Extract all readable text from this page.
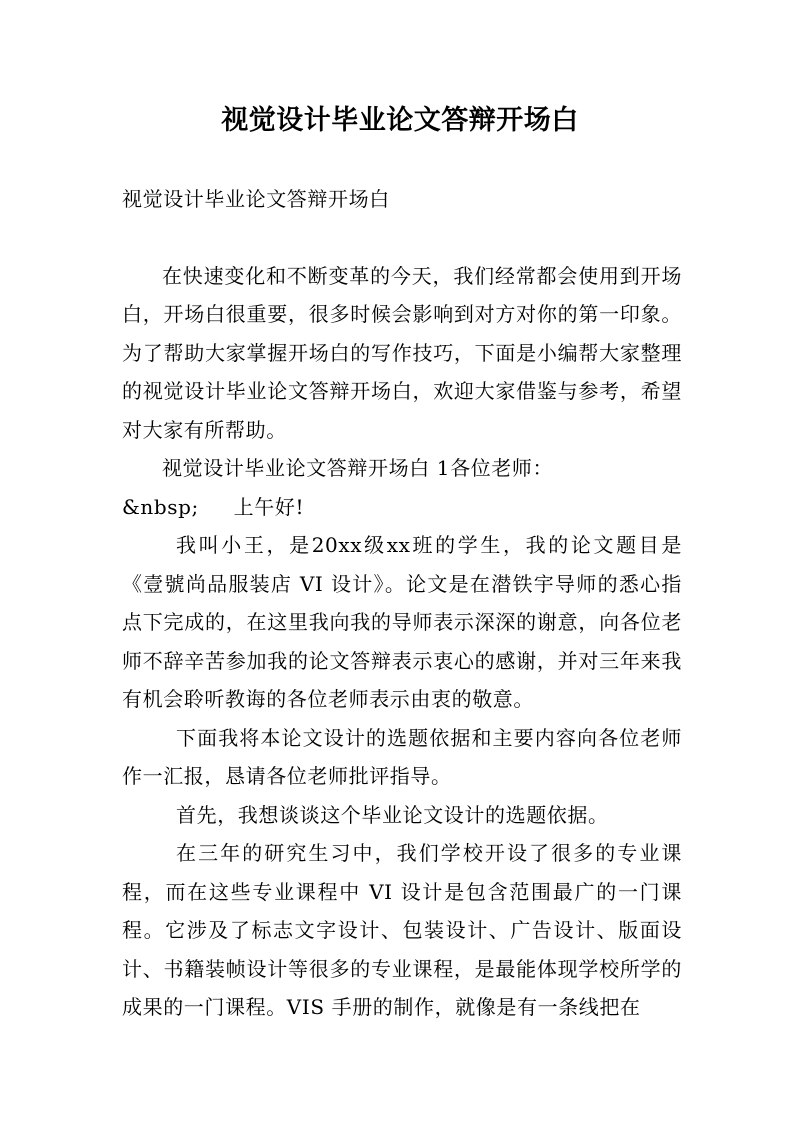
视觉设计毕业论文答辩开场白

视觉设计毕业论文答辩开场白

在快速变化和不断变革的今天，我们经常都会使用到开场白，开场白很重要，很多时候会影响到对方对你的第一印象。为了帮助大家掌握开场白的写作技巧，下面是小编帮大家整理的视觉设计毕业论文答辩开场白，欢迎大家借鉴与参考，希望对大家有所帮助。

视觉设计毕业论文答辩开场白 1各位老师：

&nbsp;     上午好!

我叫小王，是20xx级xx班的学生，我的论文题目是《壹號尚品服装店 VI 设计》。论文是在潜铁宇导师的悉心指点下完成的，在这里我向我的导师表示深深的谢意，向各位老师不辞辛苦参加我的论文答辩表示衷心的感谢，并对三年来我有机会聆听教诲的各位老师表示由衷的敬意。

下面我将本论文设计的选题依据和主要内容向各位老师作一汇报，恳请各位老师批评指导。

首先，我想谈谈这个毕业论文设计的选题依据。

在三年的研究生习中，我们学校开设了很多的专业课程，而在这些专业课程中 VI 设计是包含范围最广的一门课程。它涉及了标志文字设计、包装设计、广告设计、版面设计、书籍装帧设计等很多的专业课程，是最能体现学校所学的成果的一门课程。VIS 手册的制作，就像是有一条线把在
